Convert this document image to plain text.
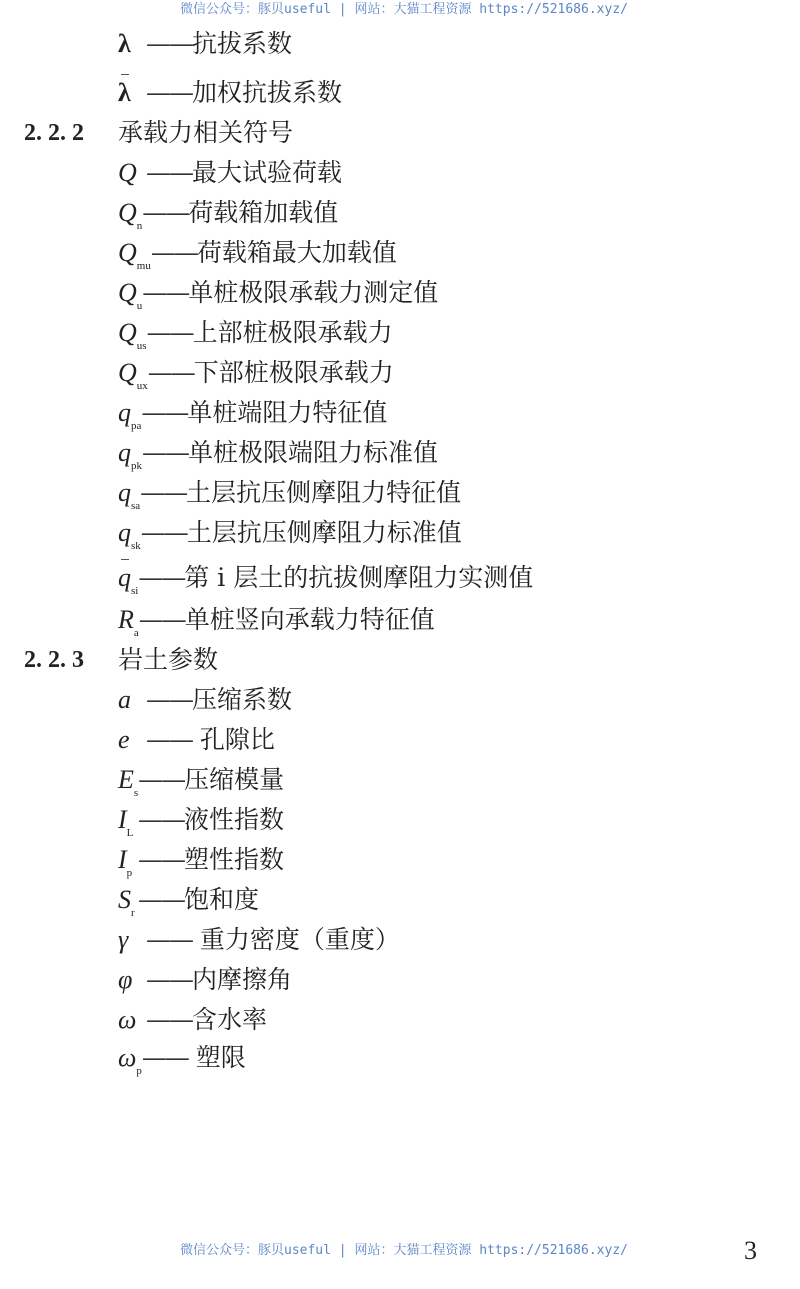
微信公众号：豚贝useful | 网站：大猫工程资源 https://521686.xyz/
λ ——抗拔系数
λ ——加权抗拔系数
2. 2. 2 承载力相关符号
Q ——最大试验荷载
$Q_n——$荷载箱加载值
$Q_{mu}——$荷载箱最大加载值
$Q_u——$单桩极限承载力测定值
$Q_{us}——$上部桩极限承载力
$Q_{ux}——$下部桩极限承载力
$q_{pa}——$单桩端阻力特征值
$q_{pk}——$单桩极限端阻力标准值
$q_{sa}——$土层抗压侧摩阻力特征值
$q_{sk}——$土层抗压侧摩阻力标准值
$q_{si}——$第 i 层土的抗拔侧摩阻力实测值
$R_a——$单桩竖向承载力特征值
2. 2. 3 岩土参数
a ——压缩系数
e —— 孔隙比
$E_s——$压缩模量
$I_L$ ——液性指数
$I_p$ ——塑性指数
$S_r$ ——饱和度
γ —— 重力密度（重度）
φ ——内摩擦角
ω ——含水率
$\omega_p——$ 塑限
微信公众号：豚贝useful | 网站：大猫工程资源 https://521686.xyz/	3
